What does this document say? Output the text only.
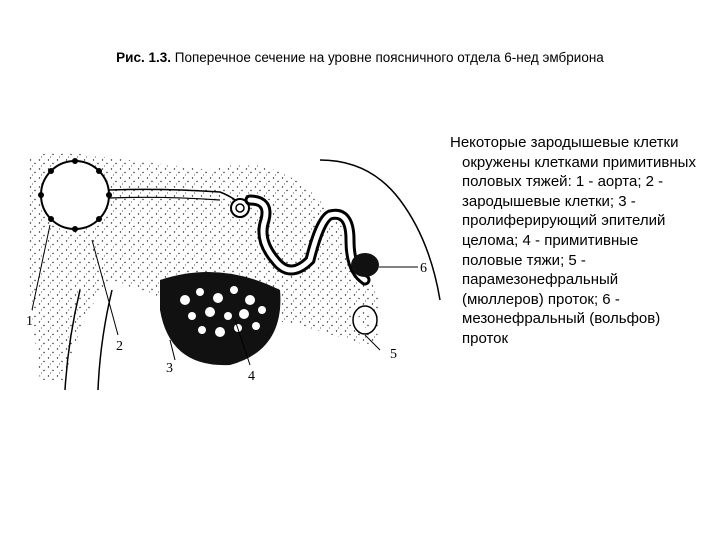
Рис. 1.3. Поперечное сечение на уровне поясничного отдела 6-нед эмбриона
1
2
3
4
5
6
Некоторые зародышевые клетки окружены клетками примитивных половых тяжей: 1 - аорта; 2 - зародышевые клетки; 3 - пролиферирующий эпителий целома; 4 - примитивные половые тяжи; 5 - парамезонефральный (мюллеров) проток; 6 - мезонефральный (вольфов) проток
